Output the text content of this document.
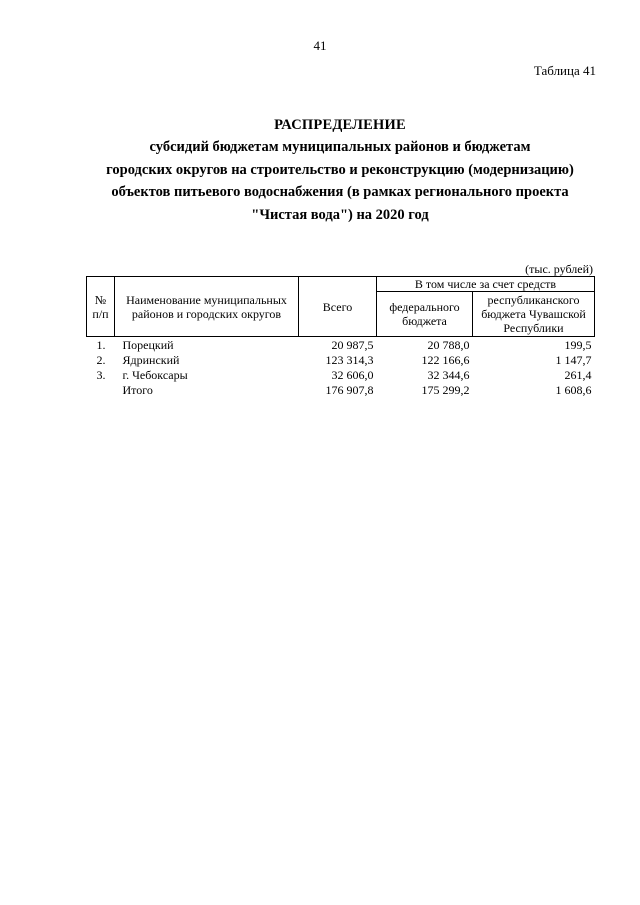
41
Таблица 41
РАСПРЕДЕЛЕНИЕ
субсидий бюджетам муниципальных районов и бюджетам
городских округов на строительство и реконструкцию (модернизацию)
объектов питьевого водоснабжения (в рамках регионального проекта
"Чистая вода") на 2020 год
(тыс. рублей)
№ п/п	Наименование муниципальных районов и городских округов	Всего	В том числе за счет средств	
			федерального бюджета	республиканского бюджета Чувашской Республики
1.	Порецкий	20 987,5	20 788,0	199,5
2.	Ядринский	123 314,3	122 166,6	1 147,7
3.	г. Чебоксары	32 606,0	32 344,6	261,4
	Итого	176 907,8	175 299,2	1 608,6
